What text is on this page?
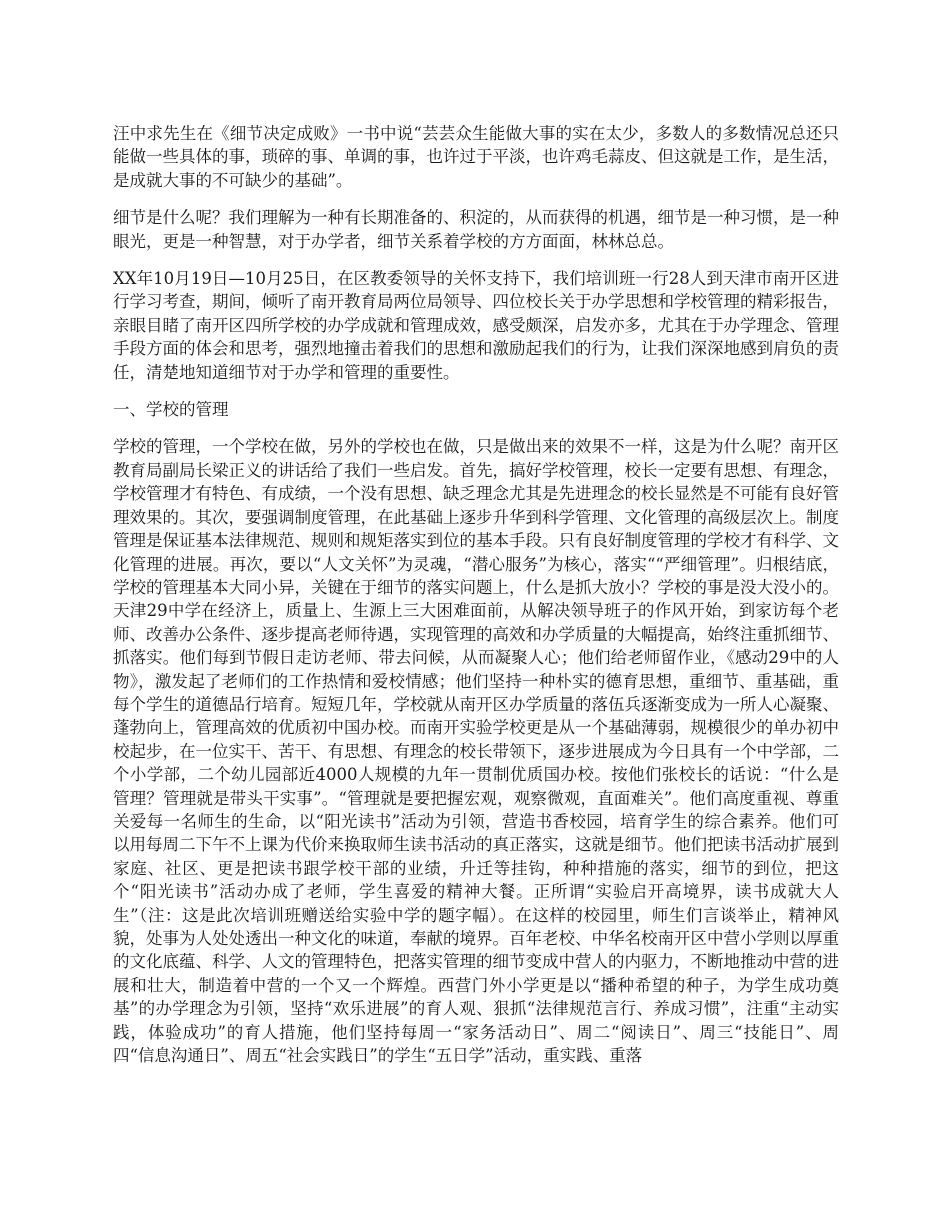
汪中求先生在《细节决定成败》一书中说“芸芸众生能做大事的实在太少，多数人的多数情况总还只能做一些具体的事，琐碎的事、单调的事，也许过于平淡，也许鸡毛蒜皮、但这就是工作，是生活，是成就大事的不可缺少的基础”。

细节是什么呢？我们理解为一种有长期准备的、积淀的，从而获得的机遇，细节是一种习惯，是一种眼光，更是一种智慧，对于办学者，细节关系着学校的方方面面，林林总总。

XX年10月19日—10月25日，在区教委领导的关怀支持下，我们培训班一行28人到天津市南开区进行学习考查，期间，倾听了南开教育局两位局领导、四位校长关于办学思想和学校管理的精彩报告，亲眼目睹了南开区四所学校的办学成就和管理成效，感受颇深，启发亦多，尤其在于办学理念、管理手段方面的体会和思考，强烈地撞击着我们的思想和激励起我们的行为，让我们深深地感到肩负的责任，清楚地知道细节对于办学和管理的重要性。

一、学校的管理

学校的管理，一个学校在做，另外的学校也在做，只是做出来的效果不一样，这是为什么呢？南开区教育局副局长梁正义的讲话给了我们一些启发。首先，搞好学校管理，校长一定要有思想、有理念，学校管理才有特色、有成绩，一个没有思想、缺乏理念尤其是先进理念的校长显然是不可能有良好管理效果的。其次，要强调制度管理，在此基础上逐步升华到科学管理、文化管理的高级层次上。制度管理是保证基本法律规范、规则和规矩落实到位的基本手段。只有良好制度管理的学校才有科学、文化管理的进展。再次，要以“人文关怀”为灵魂，“潜心服务”为核心，落实““严细管理”。归根结底，学校的管理基本大同小异，关键在于细节的落实问题上，什么是抓大放小？学校的事是没大没小的。天津29中学在经济上，质量上、生源上三大困难面前，从解决领导班子的作风开始，到家访每个老师、改善办公条件、逐步提高老师待遇，实现管理的高效和办学质量的大幅提高，始终注重抓细节、抓落实。他们每到节假日走访老师、带去问候，从而凝聚人心；他们给老师留作业，《感动29中的人物》，激发起了老师们的工作热情和爱校情感；他们坚持一种朴实的德育思想，重细节、重基础，重每个学生的道德品行培育。短短几年，学校就从南开区办学质量的落伍兵逐渐变成为一所人心凝聚、蓬勃向上，管理高效的优质初中国办校。而南开实验学校更是从一个基础薄弱，规模很少的单办初中校起步，在一位实干、苦干、有思想、有理念的校长带领下，逐步进展成为今日具有一个中学部，二个小学部，二个幼儿园部近4000人规模的九年一贯制优质国办校。按他们张校长的话说：“什么是管理？管理就是带头干实事”。“管理就是要把握宏观，观察微观，直面难关”。他们高度重视、尊重关爱每一名师生的生命，以“阳光读书”活动为引领，营造书香校园，培育学生的综合素养。他们可以用每周二下午不上课为代价来换取师生读书活动的真正落实，这就是细节。他们把读书活动扩展到家庭、社区、更是把读书跟学校干部的业绩，升迁等挂钩，种种措施的落实，细节的到位，把这个“阳光读书”活动办成了老师，学生喜爱的精神大餐。正所谓“实验启开高境界，读书成就大人生”（注：这是此次培训班赠送给实验中学的题字幅）。在这样的校园里，师生们言谈举止，精神风貌，处事为人处处透出一种文化的味道，奉献的境界。百年老校、中华名校南开区中营小学则以厚重的文化底蕴、科学、人文的管理特色，把落实管理的细节变成中营人的内驱力，不断地推动中营的进展和壮大，制造着中营的一个又一个辉煌。西营门外小学更是以“播种希望的种子，为学生成功奠基”的办学理念为引领，坚持“欢乐进展”的育人观、狠抓“法律规范言行、养成习惯”，注重“主动实践，体验成功”的育人措施，他们坚持每周一“家务活动日”、周二“阅读日”、周三“技能日”、周四“信息沟通日”、周五“社会实践日”的学生“五日学”活动，重实践、重落
